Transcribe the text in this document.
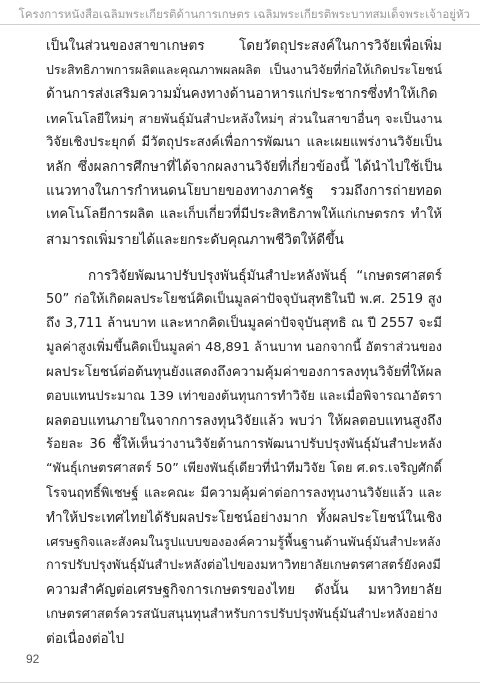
โครงการหนังสือเฉลิมพระเกียรติด้านการเกษตร เฉลิมพระเกียรติพระบาทสมเด็จพระเจ้าอยู่หัว
เป็นในส่วนของสาขาเกษตร โดยวัตถุประสงค์ในการวิจัยเพื่อเพิ่ม
ประสิทธิภาพการผลิตและคุณภาพผลผลิต เป็นงานวิจัยที่ก่อให้เกิดประโยชน์
ด้านการส่งเสริมความมั่นคงทางด้านอาหารแก่ประชากรซึ่งทำให้เกิด
เทคโนโลยีใหม่ๆ สายพันธุ์มันสำปะหลังใหม่ๆ ส่วนในสาขาอื่นๆ จะเป็นงาน
วิจัยเชิงประยุกต์ มีวัตถุประสงค์เพื่อการพัฒนา และเผยแพร่งานวิจัยเป็น
หลัก ซึ่งผลการศึกษาที่ได้จากผลงานวิจัยที่เกี่ยวข้องนี้ ได้นำไปใช้เป็น
แนวทางในการกำหนดนโยบายของทางภาครัฐ รวมถึงการถ่ายทอด
เทคโนโลยีการผลิต และเก็บเกี่ยวที่มีประสิทธิภาพให้แก่เกษตรกร ทำให้
สามารถเพิ่มรายได้และยกระดับคุณภาพชีวิตให้ดีขึ้น
การวิจัยพัฒนาปรับปรุงพันธุ์มันสำปะหลังพันธุ์ “เกษตรศาสตร์
50” ก่อให้เกิดผลประโยชน์คิดเป็นมูลค่าปัจจุบันสุทธิในปี พ.ศ. 2519 สูง
ถึง 3,711 ล้านบาท และหากคิดเป็นมูลค่าปัจจุบันสุทธิ ณ ปี 2557 จะมี
มูลค่าสูงเพิ่มขึ้นคิดเป็นมูลค่า 48,891 ล้านบาท นอกจากนี้ อัตราส่วนของ
ผลประโยชน์ต่อต้นทุนยังแสดงถึงความคุ้มค่าของการลงทุนวิจัยที่ให้ผล
ตอบแทนประมาณ 139 เท่าของต้นทุนการทำวิจัย และเมื่อพิจารณาอัตรา
ผลตอบแทนภายในจากการลงทุนวิจัยแล้ว พบว่า ให้ผลตอบแทนสูงถึง
ร้อยละ 36 ชี้ให้เห็นว่างานวิจัยด้านการพัฒนาปรับปรุงพันธุ์มันสำปะหลัง
“พันธุ์เกษตรศาสตร์ 50” เพียงพันธุ์เดียวที่นำทีมวิจัย โดย ศ.ดร.เจริญศักดิ์
โรจนฤทธิ์พิเชษฐ์ และคณะ มีความคุ้มค่าต่อการลงทุนงานวิจัยแล้ว และ
ทำให้ประเทศไทยได้รับผลประโยชน์อย่างมาก ทั้งผลประโยชน์ในเชิง
เศรษฐกิจและสังคมในรูปแบบขององค์ความรู้พื้นฐานด้านพันธุ์มันสำปะหลัง
การปรับปรุงพันธุ์มันสำปะหลังต่อไปของมหาวิทยาลัยเกษตรศาสตร์ยังคงมี
ความสำคัญต่อเศรษฐกิจการเกษตรของไทย ดังนั้น มหาวิทยาลัย
เกษตรศาสตร์ควรสนับสนุนทุนสำหรับการปรับปรุงพันธุ์มันสำปะหลังอย่าง
ต่อเนื่องต่อไป
92
